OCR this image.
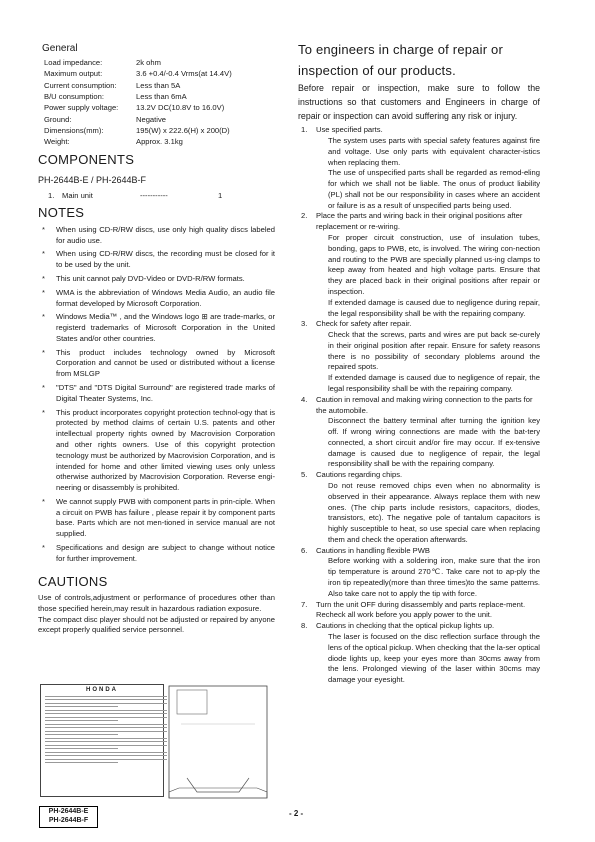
General
Load impedance:	2k ohm
Maximum output:	3.6 +0.4/-0.4 Vrms(at 14.4V)
Current consumption:	Less than 5A
B/U consumption:	Less than 6mA
Power supply voltage:	13.2V DC(10.8V to 16.0V)
Ground:	Negative
Dimensions(mm):	195(W) x 222.6(H) x 200(D)
Weight:	Approx. 3.1kg
COMPONENTS
PH-2644B-E / PH-2644B-F
1.	Main unit	-----------	1
NOTES
* When using CD-R/RW discs, use only high quality discs labeled for audio use.
* When using CD-R/RW discs, the recording must be closed for it to be used by the unit.
* This unit cannot paly DVD-Video or DVD-R/RW formats.
* WMA is the abbreviation of Windows Media Audio, an audio file format developed by Microsoft Corporation.
* Windows Media™ , and the Windows logo ⊞ are trade-marks, or registerd trademarks of Microsoft Corporation in the United States and/or other countries.
* This product includes technology owned by Microsoft Corporation and cannot be used or distributed without a license from MSLGP
* "DTS" and "DTS Digital Surround" are registered trade marks of Digital Theater Systems, Inc.
* This product incorporates copyright protection technol-ogy that is protected by method claims of certain U.S. patents and other intellectual property rights owned by Macrovision Corporation and other rights owners. Use of this copyright protection tecnology must be authorized by Macrovision Corporation, and is intended for home and other limited viewing uses only unless otherwise authorized by Macrovision Corporation. Reverse engi-neering or disassembly is prohibited.
* We cannot supply PWB with component parts in prin-ciple. When a circuit on PWB has failure , please repair it by component parts base. Parts which are not men-tioned in service manual are not supplied.
* Specifications and design are subject to change without notice for further improvement.
CAUTIONS
Use of controls,adjustment or performance of procedures other than those specified herein,may result in hazardous radiation exposure.
The compact disc player should not be adjusted or repaired by anyone except properly qualified service personnel.
HONDA
PH-2644B-E
PH-2644B-F
- 2 -
To engineers in charge of repair or inspection of our products.
Before repair or inspection, make sure to follow the instructions so that customers and Engineers in charge of repair or inspection can avoid suffering any risk or injury.
1. Use specified parts.
The system uses parts with special safety features against fire and voltage. Use only parts with equivalent character-istics when replacing them.
The use of unspecified parts shall be regarded as remod-eling for which we shall not be liable. The onus of product liability (PL) shall not be our responsibility in cases where an accident or failure is as a result of unspecified parts being used.
2. Place the parts and wiring back in their original positions after replacement or re-wiring.
For proper circuit construction, use of insulation tubes, bonding, gaps to PWB, etc, is involved. The wiring con-nection and routing to the PWB are specially planned us-ing clamps to keep away from heated and high voltage parts. Ensure that they are placed back in their original positions after repair or inspection.
If extended damage is caused due to negligence during repair, the legal responsibility shall be with the repairing company.
3. Check for safety after repair.
Check that the screws, parts and wires are put back se-curely in their original position after repair. Ensure for safety reasons there is no possibility of secondary ploblems around the repaired spots.
If extended damage is caused due to negligence of repair, the legal responsibility shall be with the repairing company.
4. Caution in removal and making wiring connection to the parts for the automobile.
Disconnect the battery terminal after turning the ignition key off. If wrong wiring connections are made with the bat-tery connected, a short circuit and/or fire may occur. If ex-tensive damage is caused due to negligence of repair, the legal responsibility shall be with the repairing company.
5. Cautions regarding chips.
Do not reuse removed chips even when no abnormality is observed in their appearance. Always replace them with new ones. (The chip parts include resistors, capacitors, diodes, transistors, etc). The negative pole of tantalum capacitors is highly susceptible to heat, so use special care when replacing them and check the operation afterwards.
6. Cautions in handling flexible PWB
Before working with a soldering iron, make sure that the iron tip temperature is around 270℃. Take care not to ap-ply the iron tip repeatedly(more than three times)to the same patterns. Also take care not to apply the tip with force.
7. Turn the unit OFF during disassembly and parts replace-ment. Recheck all work before you apply power to the unit.
8. Cautions in checking that the optical pickup lights up.
The laser is focused on the disc reflection surface through the lens of the optical pickup. When checking that the la-ser optical diode lights up, keep your eyes more than 30cms away from the lens. Prolonged viewing of the laser within 30cms may damage your eyesight.
